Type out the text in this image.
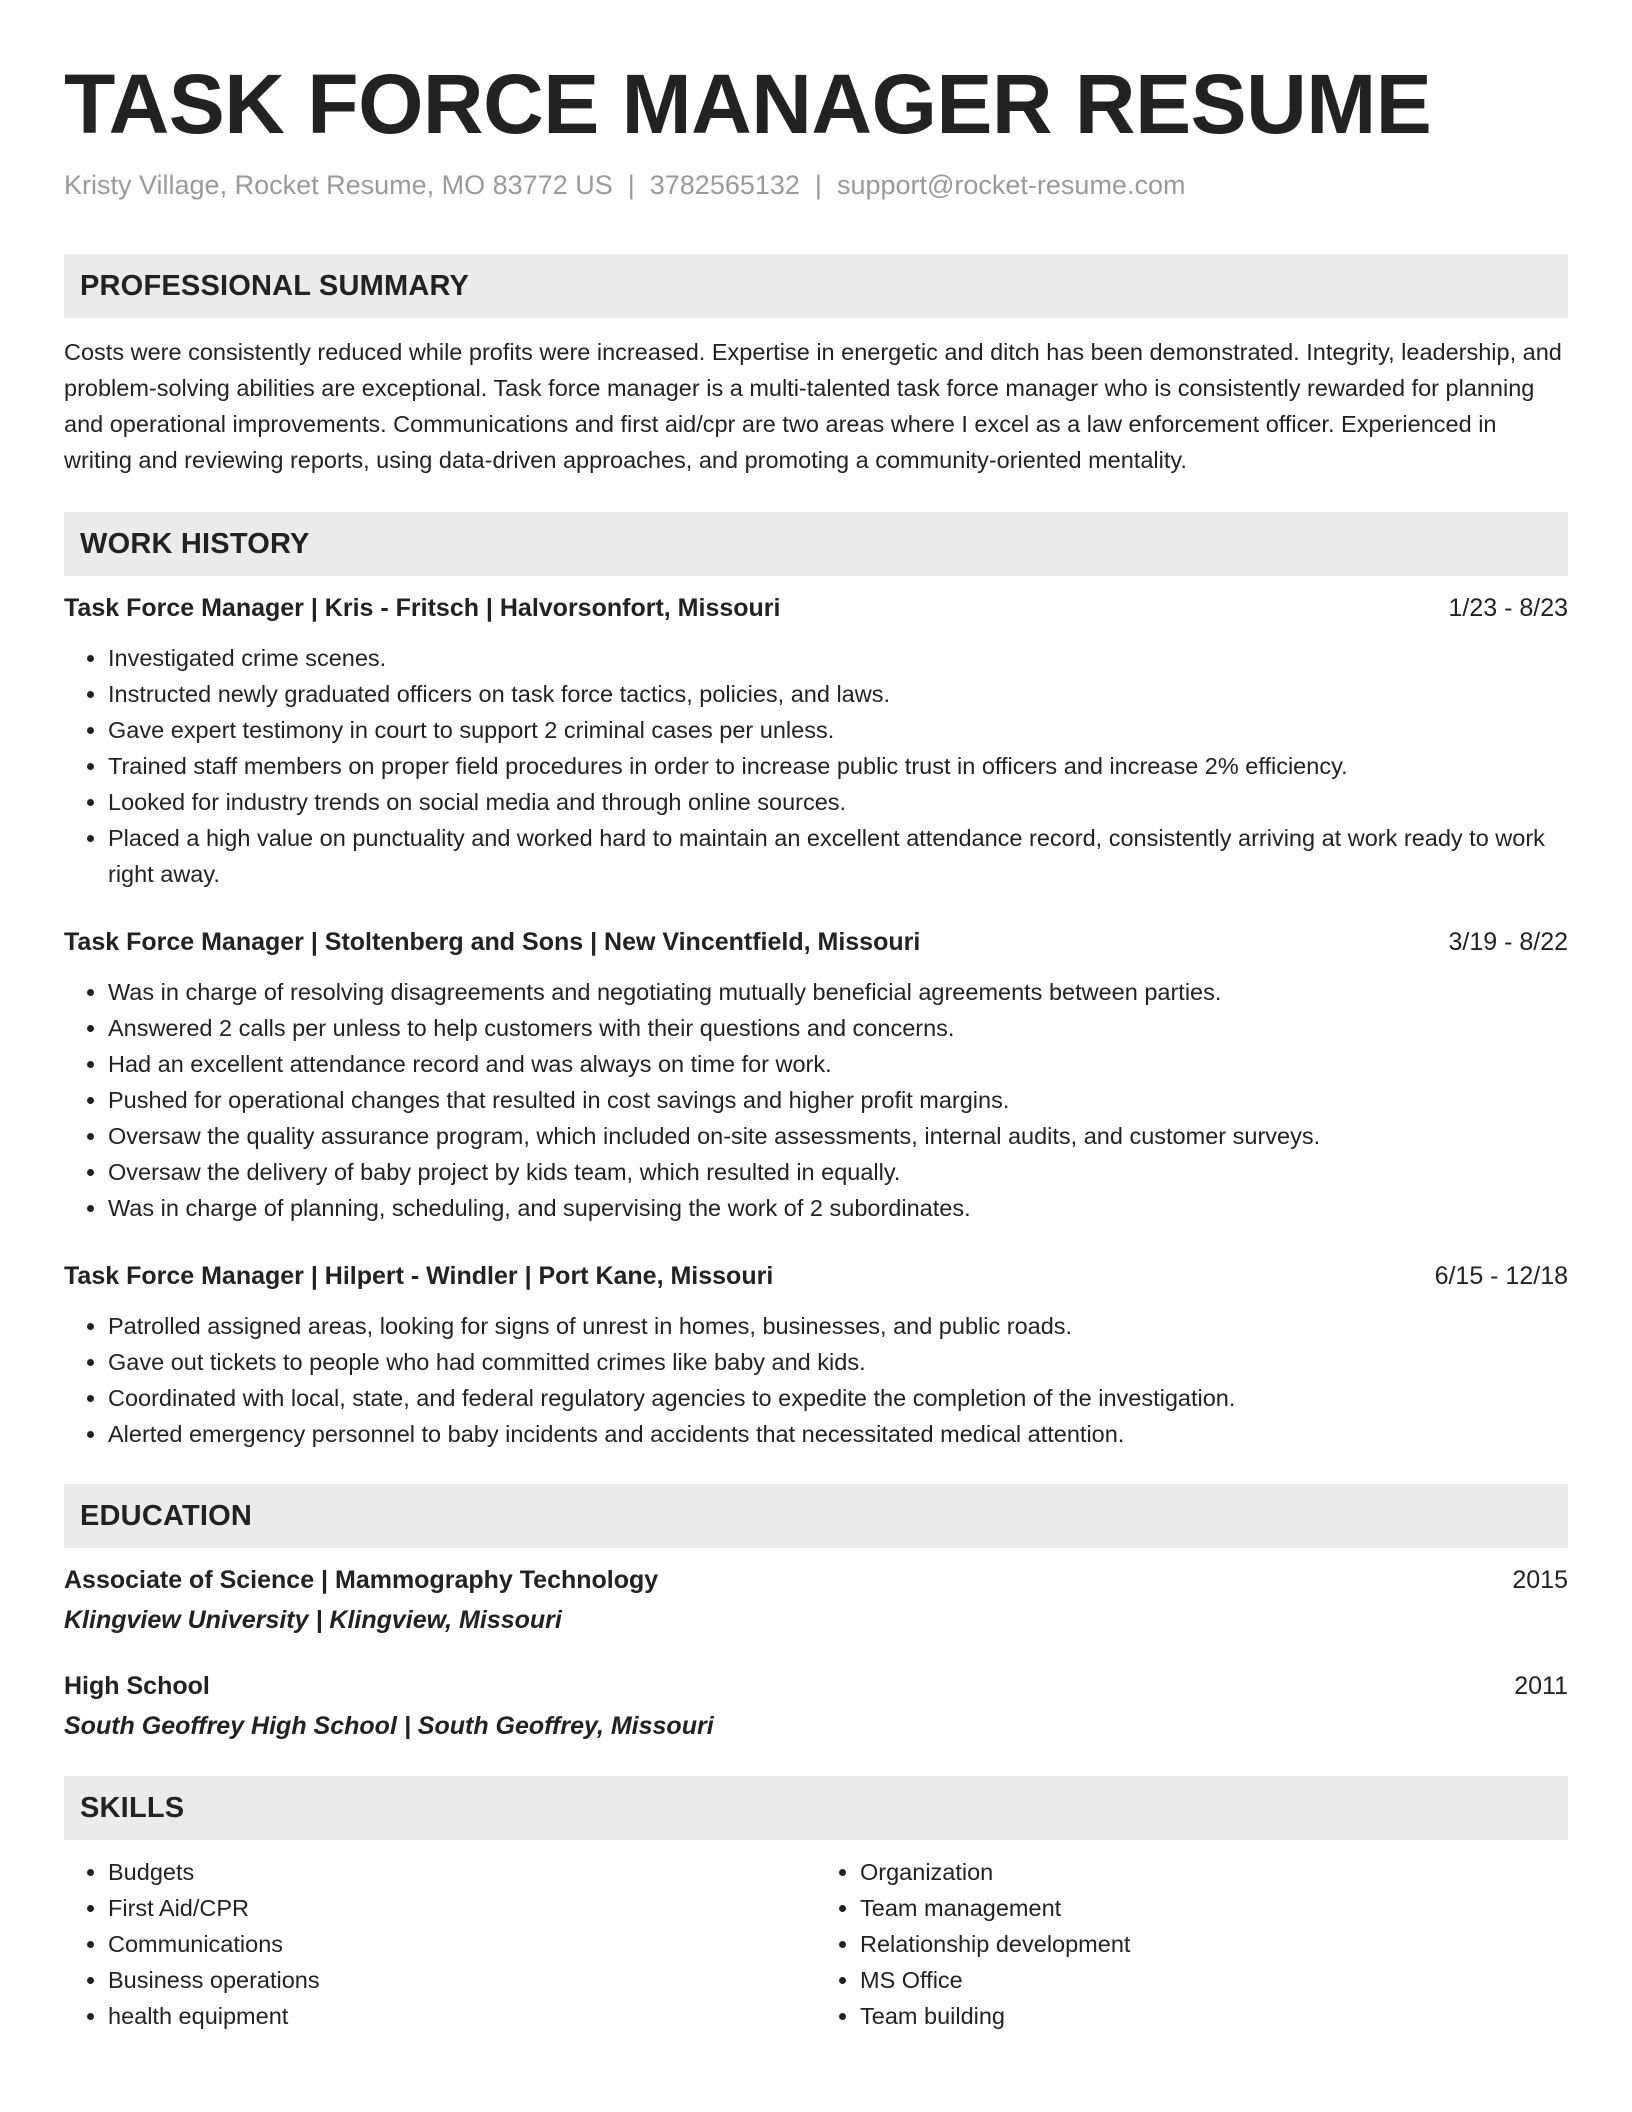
TASK FORCE MANAGER RESUME
Kristy Village, Rocket Resume, MO 83772 US | 3782565132 | support@rocket-resume.com
PROFESSIONAL SUMMARY

Costs were consistently reduced while profits were increased. Expertise in energetic and ditch has been demonstrated. Integrity, leadership, and problem-solving abilities are exceptional. Task force manager is a multi-talented task force manager who is consistently rewarded for planning and operational improvements. Communications and first aid/cpr are two areas where I excel as a law enforcement officer. Experienced in writing and reviewing reports, using data-driven approaches, and promoting a community-oriented mentality.

WORK HISTORY
Task Force Manager | Kris - Fritsch | Halvorsonfort, Missouri	1/23 - 8/23
• Investigated crime scenes.
• Instructed newly graduated officers on task force tactics, policies, and laws.
• Gave expert testimony in court to support 2 criminal cases per unless.
• Trained staff members on proper field procedures in order to increase public trust in officers and increase 2% efficiency.
• Looked for industry trends on social media and through online sources.
• Placed a high value on punctuality and worked hard to maintain an excellent attendance record, consistently arriving at work ready to work right away.
Task Force Manager | Stoltenberg and Sons | New Vincentfield, Missouri	3/19 - 8/22
• Was in charge of resolving disagreements and negotiating mutually beneficial agreements between parties.
• Answered 2 calls per unless to help customers with their questions and concerns.
• Had an excellent attendance record and was always on time for work.
• Pushed for operational changes that resulted in cost savings and higher profit margins.
• Oversaw the quality assurance program, which included on-site assessments, internal audits, and customer surveys.
• Oversaw the delivery of baby project by kids team, which resulted in equally.
• Was in charge of planning, scheduling, and supervising the work of 2 subordinates.
Task Force Manager | Hilpert - Windler | Port Kane, Missouri	6/15 - 12/18
• Patrolled assigned areas, looking for signs of unrest in homes, businesses, and public roads.
• Gave out tickets to people who had committed crimes like baby and kids.
• Coordinated with local, state, and federal regulatory agencies to expedite the completion of the investigation.
• Alerted emergency personnel to baby incidents and accidents that necessitated medical attention.
EDUCATION
Associate of Science | Mammography Technology	2015
Klingview University | Klingview, Missouri
High School	2011
South Geoffrey High School | South Geoffrey, Missouri
SKILLS
• Budgets
• First Aid/CPR
• Communications
• Business operations
• health equipment
• Organization
• Team management
• Relationship development
• MS Office
• Team building
